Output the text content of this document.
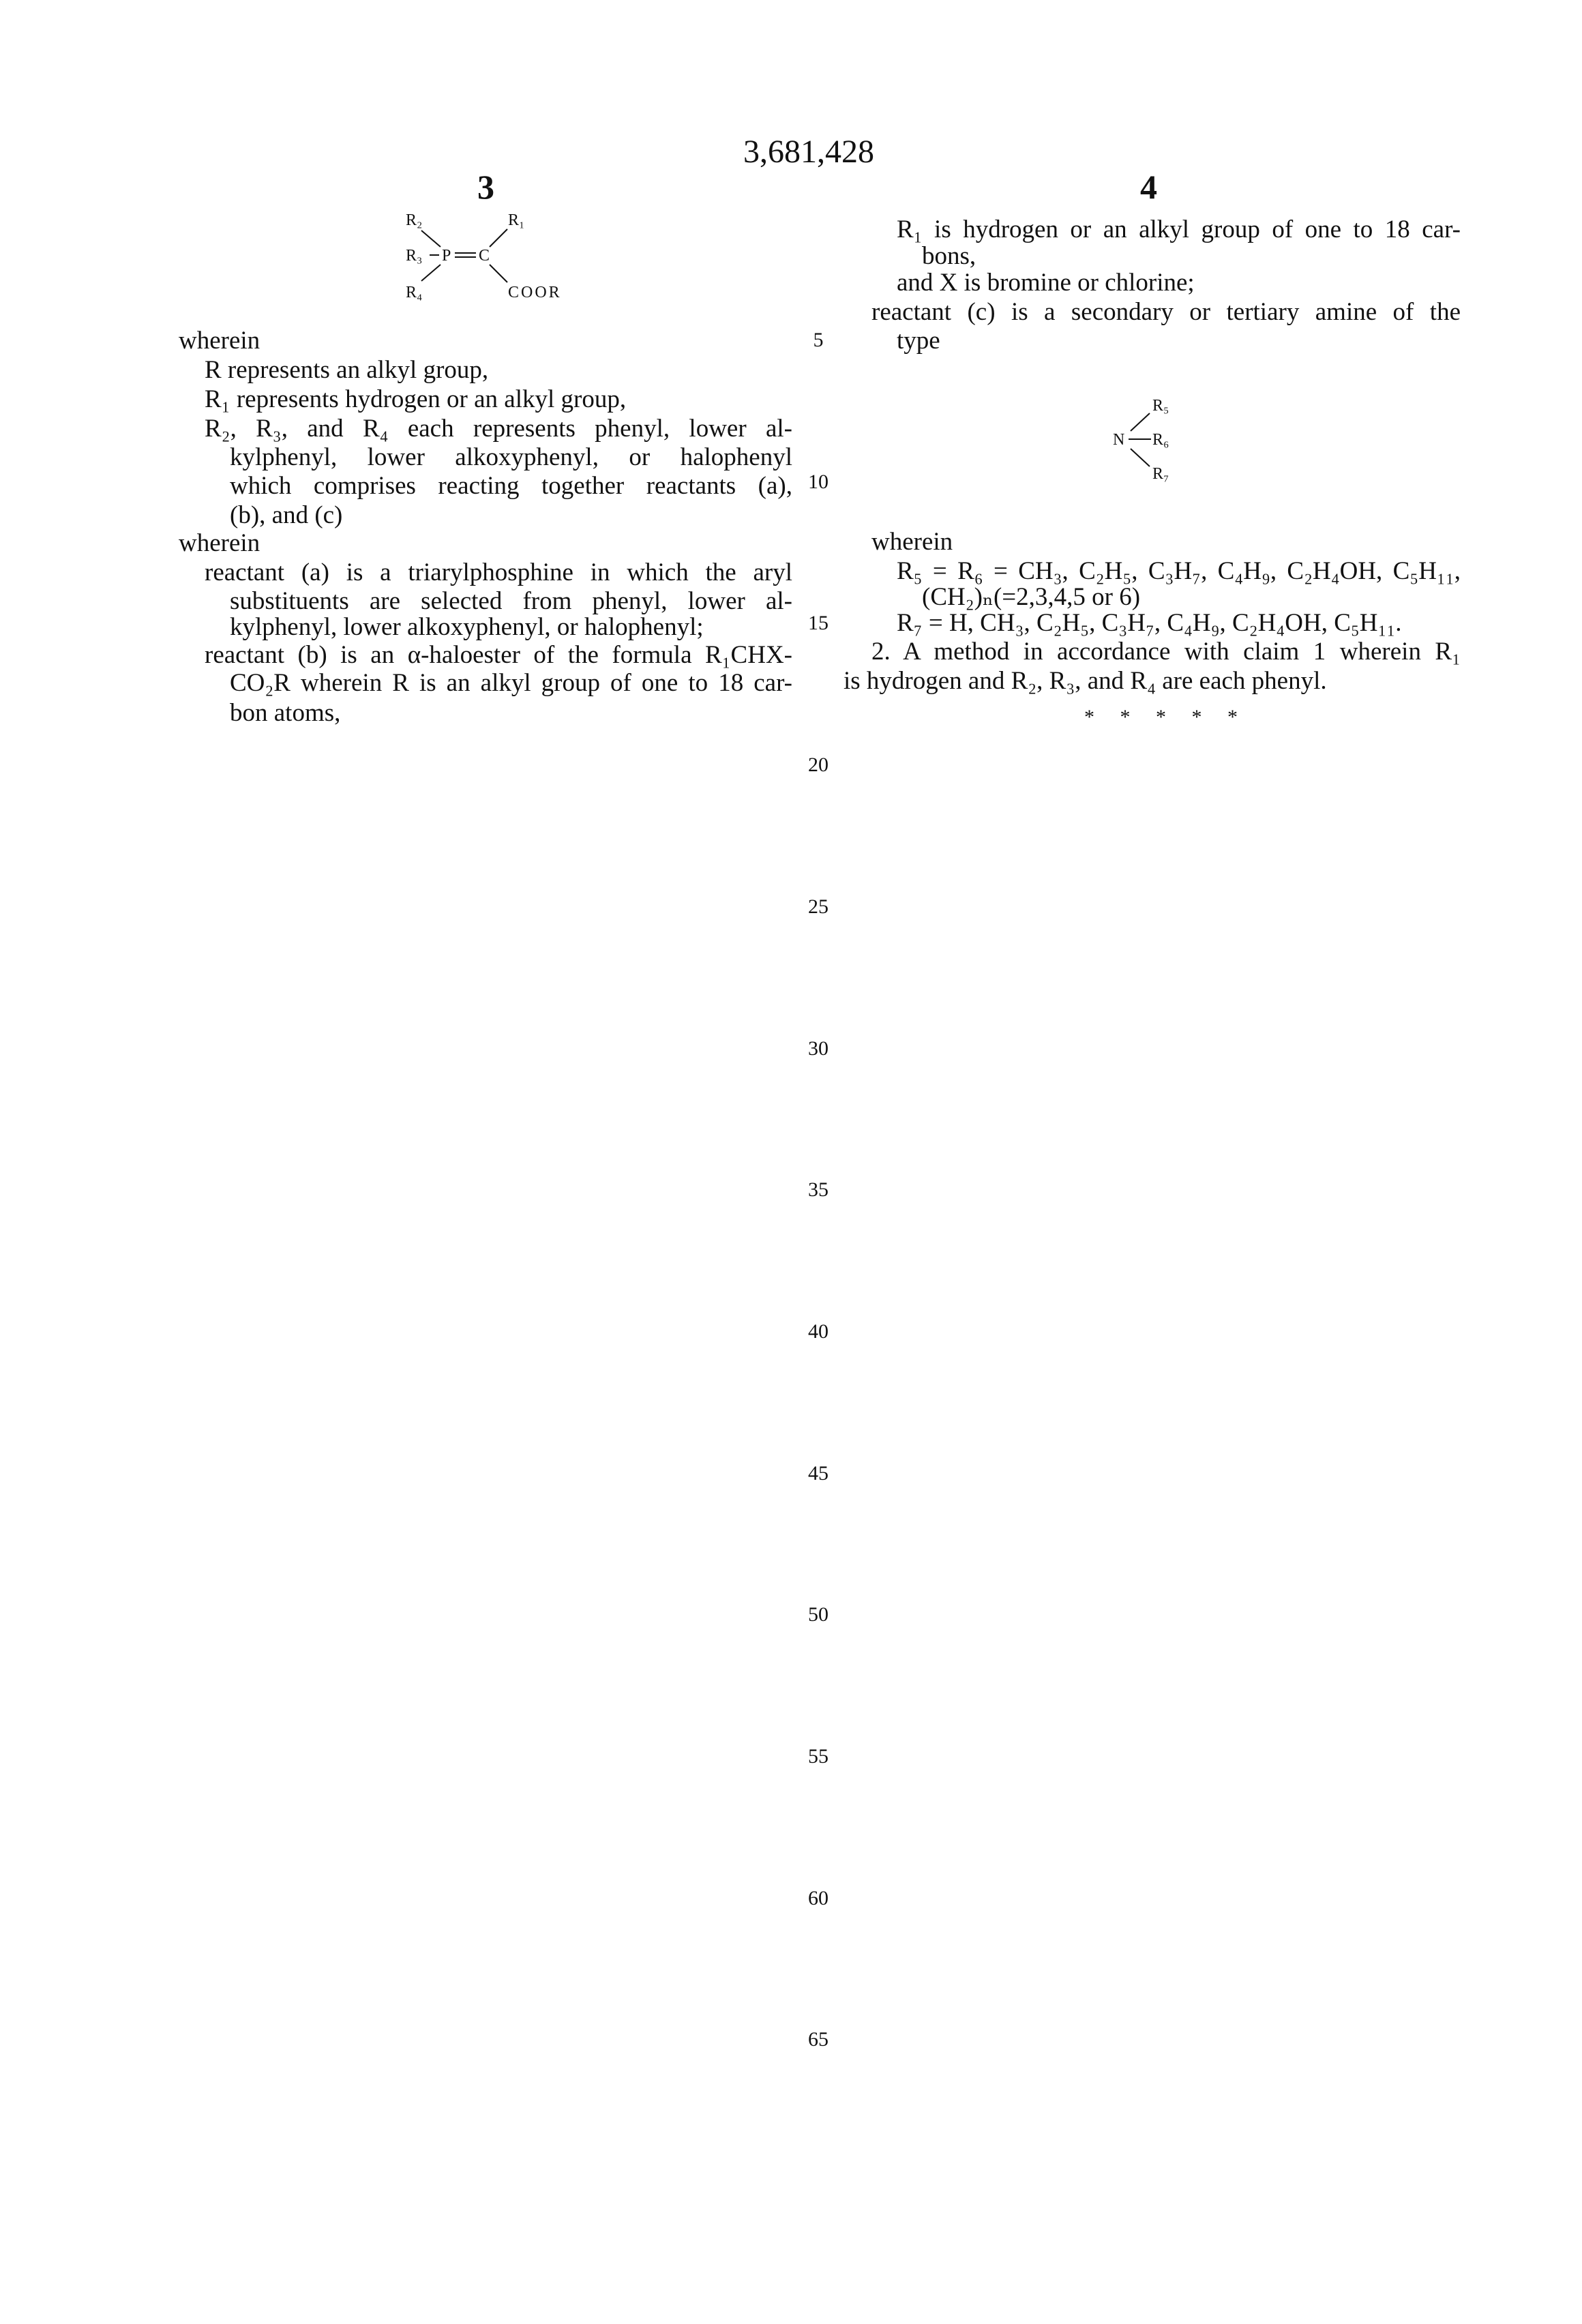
3,681,428
3	4
R₂	R₁
R₃ P C
R₄	COOR
R₅
N R₆
R₇
wherein
R represents an alkyl group,
R₁ represents hydrogen or an alkyl group,
R₂, R₃, and R₄ each represents phenyl, lower al-
kylphenyl, lower alkoxyphenyl, or halophenyl
which comprises reacting together reactants (a),
(b), and (c)
wherein
reactant (a) is a triarylphosphine in which the aryl
substituents are selected from phenyl, lower al-
kylphenyl, lower alkoxyphenyl, or halophenyl;
reactant (b) is an α-haloester of the formula R₁CHX-
CO₂R wherein R is an alkyl group of one to 18 car-
bon atoms,
R₁ is hydrogen or an alkyl group of one to 18 car-
bons,
and X is bromine or chlorine;
reactant (c) is a secondary or tertiary amine of the
type
wherein
R₅ = R₆ = CH₃, C₂H₅, C₃H₇, C₄H₉, C₂H₄OH, C₅H₁₁,
(CH₂)ₙ(=2,3,4,5 or 6)
R₇ = H, CH₃, C₂H₅, C₃H₇, C₄H₉, C₂H₄OH, C₅H₁₁.
2. A method in accordance with claim 1 wherein R₁
is hydrogen and R₂, R₃, and R₄ are each phenyl.
5
10
15
20
25
30
35
40
45
50
55
60
65
*     *     *     *     *
